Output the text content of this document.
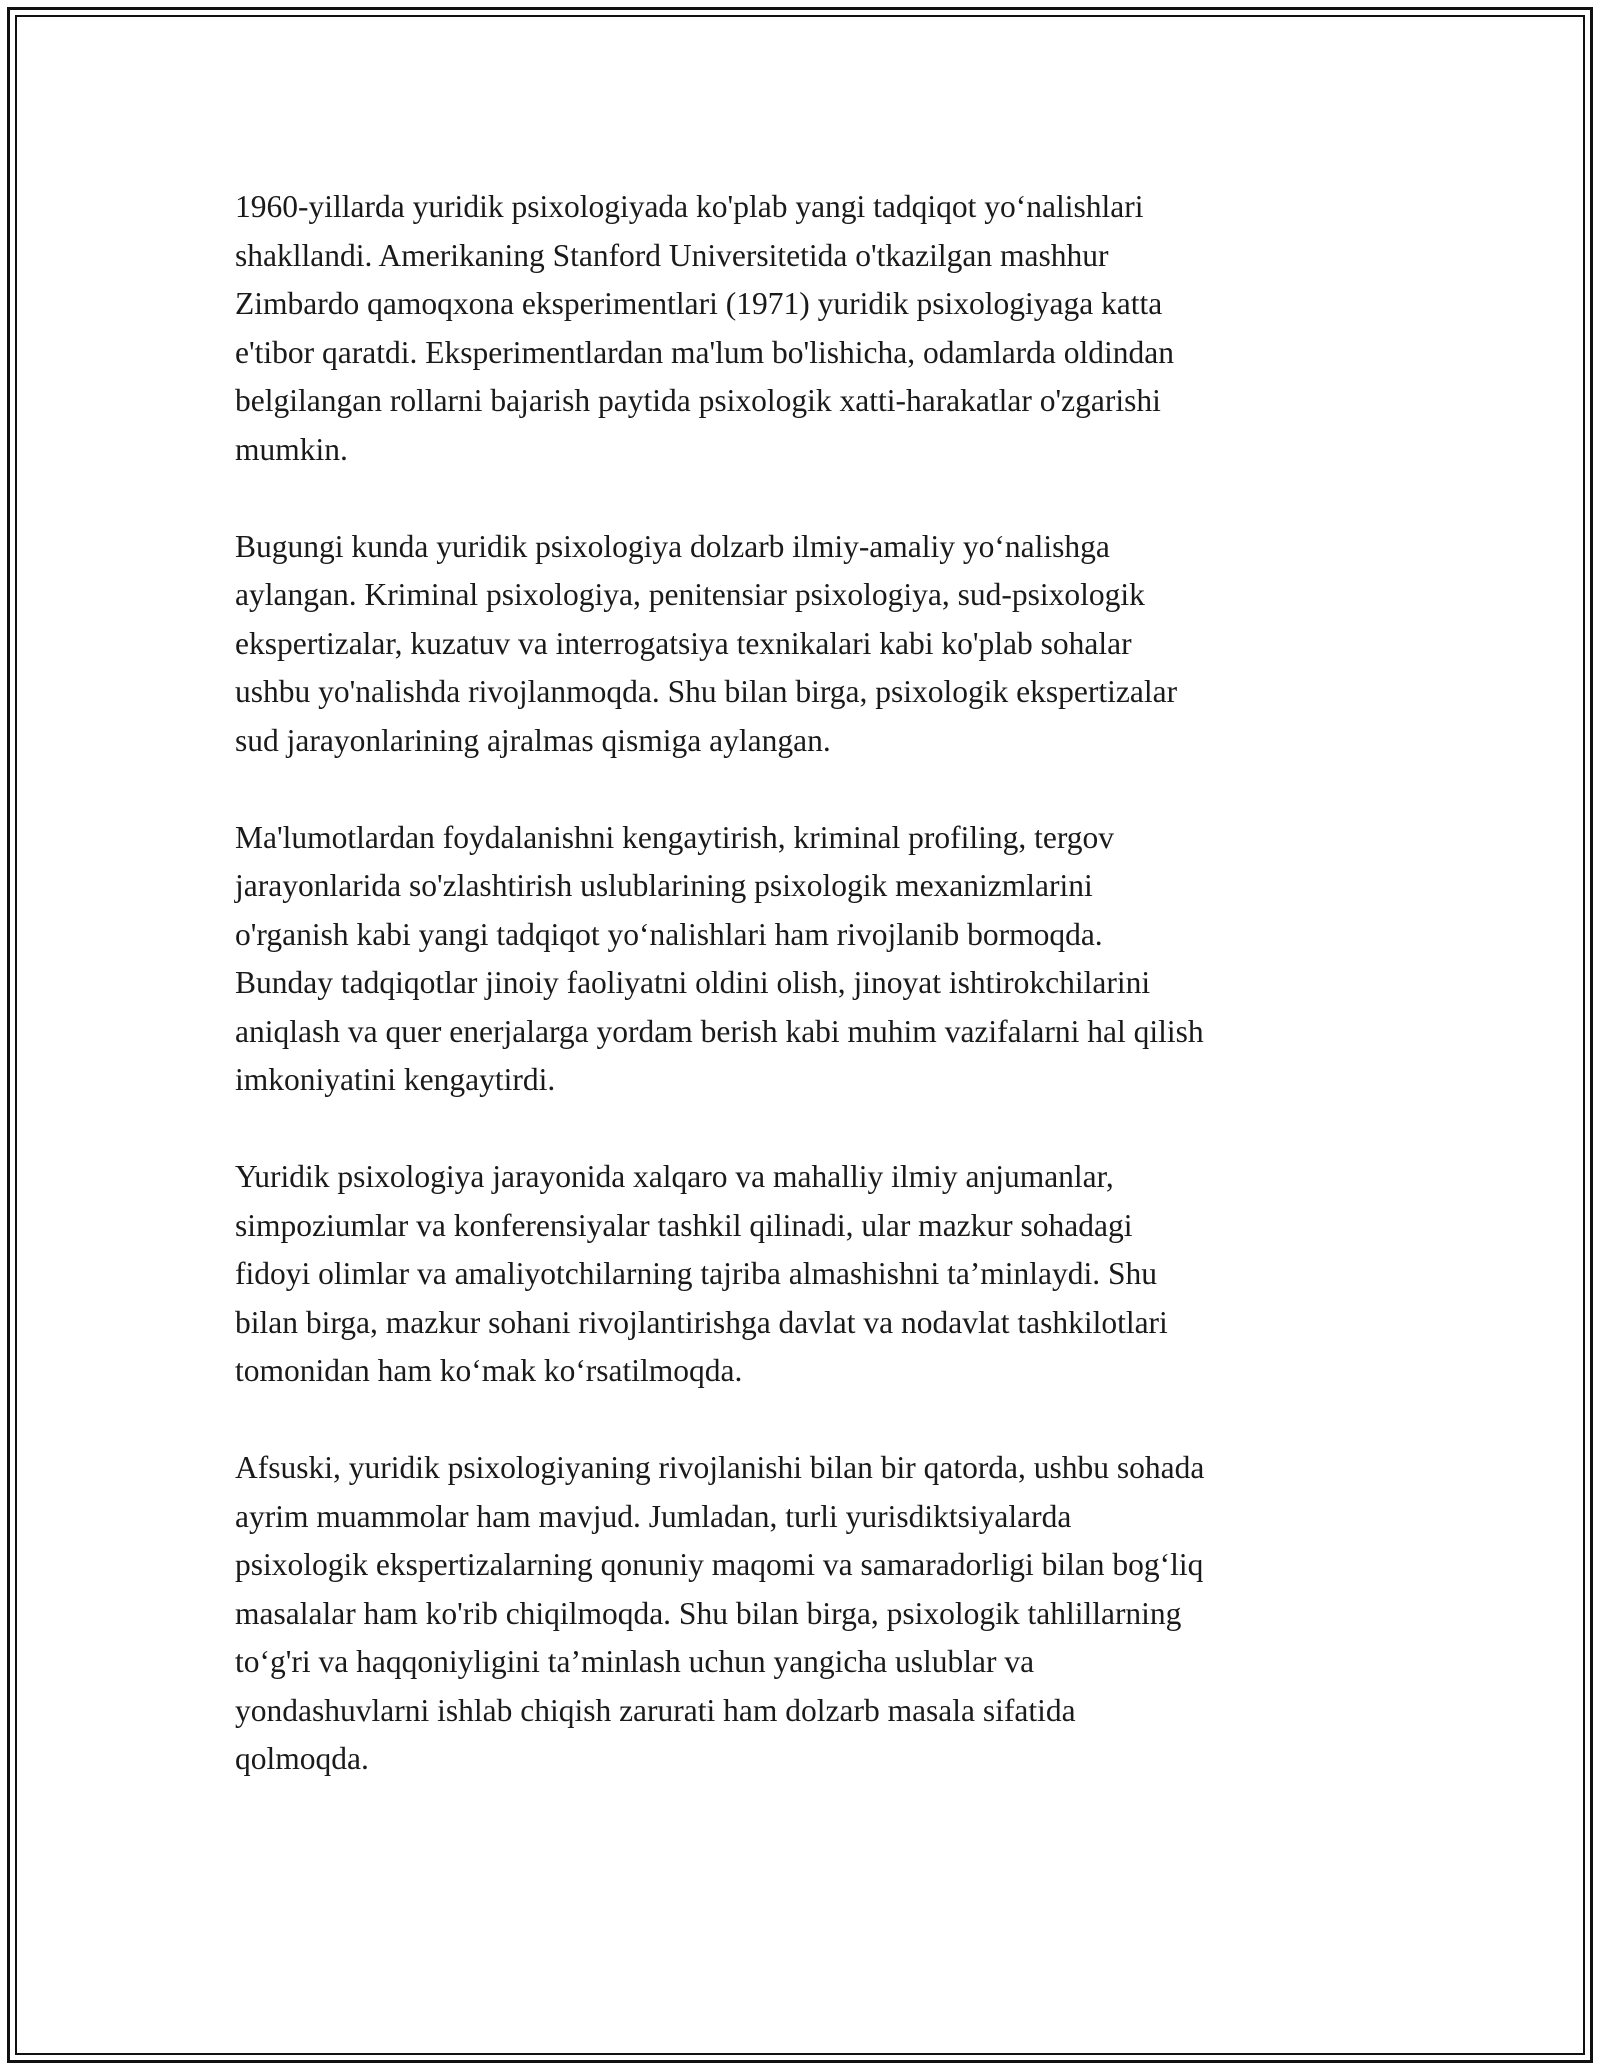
1960-yillarda yuridik psixologiyada ko'plab yangi tadqiqot yo‘nalishlari
shakllandi. Amerikaning Stanford Universitetida o'tkazilgan mashhur
Zimbardo qamoqxona eksperimentlari (1971) yuridik psixologiyaga katta
e'tibor qaratdi. Eksperimentlardan ma'lum bo'lishicha, odamlarda oldindan
belgilangan rollarni bajarish paytida psixologik xatti-harakatlar o'zgarishi
mumkin.

Bugungi kunda yuridik psixologiya dolzarb ilmiy-amaliy yo‘nalishga
aylangan. Kriminal psixologiya, penitensiar psixologiya, sud-psixologik
ekspertizalar, kuzatuv va interrogatsiya texnikalari kabi ko'plab sohalar
ushbu yo'nalishda rivojlanmoqda. Shu bilan birga, psixologik ekspertizalar
sud jarayonlarining ajralmas qismiga aylangan.

Ma'lumotlardan foydalanishni kengaytirish, kriminal profiling, tergov
jarayonlarida so'zlashtirish uslublarining psixologik mexanizmlarini
o'rganish kabi yangi tadqiqot yo‘nalishlari ham rivojlanib bormoqda.
Bunday tadqiqotlar jinoiy faoliyatni oldini olish, jinoyat ishtirokchilarini
aniqlash va quer enerjalarga yordam berish kabi muhim vazifalarni hal qilish
imkoniyatini kengaytirdi.

Yuridik psixologiya jarayonida xalqaro va mahalliy ilmiy anjumanlar,
simpoziumlar va konferensiyalar tashkil qilinadi, ular mazkur sohadagi
fidoyi olimlar va amaliyotchilarning tajriba almashishni ta’minlaydi. Shu
bilan birga, mazkur sohani rivojlantirishga davlat va nodavlat tashkilotlari
tomonidan ham ko‘mak ko‘rsatilmoqda.

Afsuski, yuridik psixologiyaning rivojlanishi bilan bir qatorda, ushbu sohada
ayrim muammolar ham mavjud. Jumladan, turli yurisdiktsiyalarda
psixologik ekspertizalarning qonuniy maqomi va samaradorligi bilan bog‘liq
masalalar ham ko'rib chiqilmoqda. Shu bilan birga, psixologik tahlillarning
to‘g'ri va haqqoniyligini ta’minlash uchun yangicha uslublar va
yondashuvlarni ishlab chiqish zarurati ham dolzarb masala sifatida
qolmoqda.
